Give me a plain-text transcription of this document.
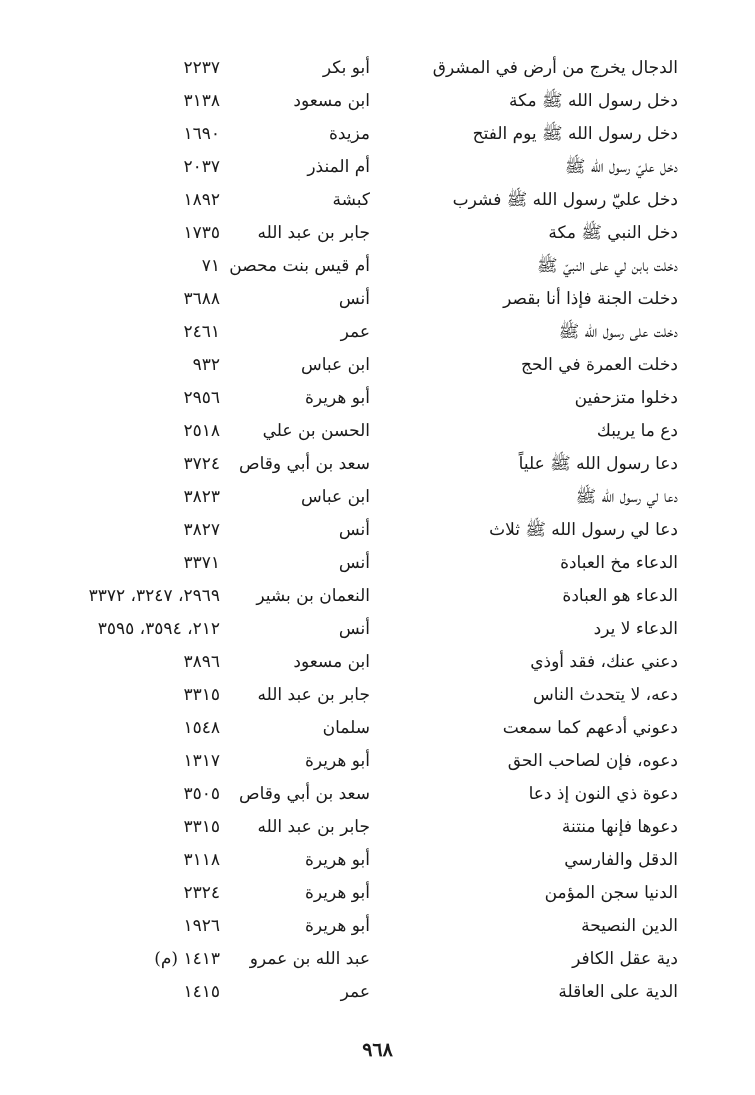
الدجال يخرج من أرض في المشرق
أبو بكر
٢٢٣٧
دخل رسول الله ﷺ مكة
ابن مسعود
٣١٣٨
دخل رسول الله ﷺ يوم الفتح
مزيدة
١٦٩٠
دخل عليّ رسول الله ﷺ
أم المنذر
٢٠٣٧
دخل عليّ رسول الله ﷺ فشرب
كبشة
١٨٩٢
دخل النبي ﷺ مكة
جابر بن عبد الله
١٧٣٥
دخلت بابن لي على النبيّ ﷺ
أم قيس بنت محصن
٧١
دخلت الجنة فإذا أنا بقصر
أنس
٣٦٨٨
دخلت على رسول الله ﷺ
عمر
٢٤٦١
دخلت العمرة في الحج
ابن عباس
٩٣٢
دخلوا متزحفين
أبو هريرة
٢٩٥٦
دع ما يريبك
الحسن بن علي
٢٥١٨
دعا رسول الله ﷺ علياً
سعد بن أبي وقاص
٣٧٢٤
دعا لي رسول الله ﷺ
ابن عباس
٣٨٢٣
دعا لي رسول الله ﷺ ثلاث
أنس
٣٨٢٧
الدعاء مخ العبادة
أنس
٣٣٧١
الدعاء هو العبادة
النعمان بن بشير
٢٩٦٩، ٣٢٤٧، ٣٣٧٢
الدعاء لا يرد
أنس
٢١٢، ٣٥٩٤، ٣٥٩٥
دعني عنك، فقد أوذي
ابن مسعود
٣٨٩٦
دعه، لا يتحدث الناس
جابر بن عبد الله
٣٣١٥
دعوني أدعهم كما سمعت
سلمان
١٥٤٨
دعوه، فإن لصاحب الحق
أبو هريرة
١٣١٧
دعوة ذي النون إذ دعا
سعد بن أبي وقاص
٣٥٠٥
دعوها فإنها منتنة
جابر بن عبد الله
٣٣١٥
الدقل والفارسي
أبو هريرة
٣١١٨
الدنيا سجن المؤمن
أبو هريرة
٢٣٢٤
الدين النصيحة
أبو هريرة
١٩٢٦
دية عقل الكافر
عبد الله بن عمرو
١٤١٣ (م)
الدية على العاقلة
عمر
١٤١٥
٩٦٨
